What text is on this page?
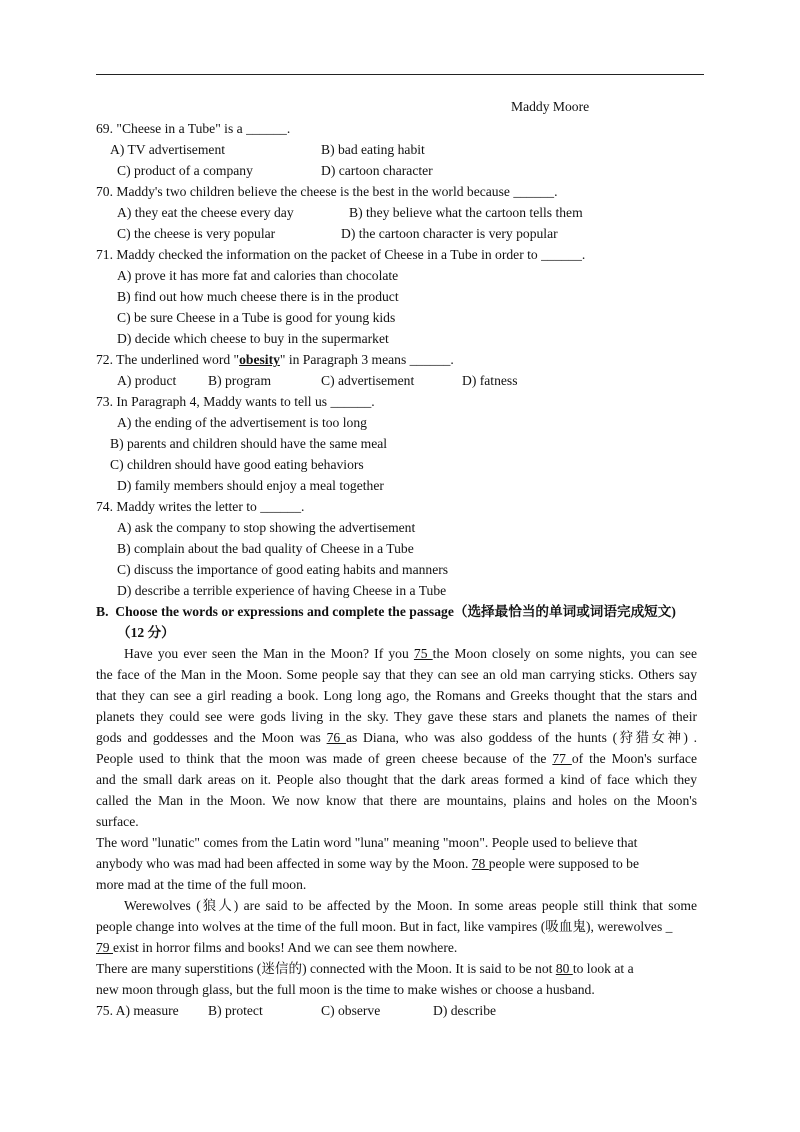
Maddy Moore
69. "Cheese in a Tube" is a ______.
A) TV advertisement	B) bad eating habit
C) product of a company	D) cartoon character
70. Maddy's two children believe the cheese is the best in the world because ______.
A) they eat the cheese every day	B) they believe what the cartoon tells them
C) the cheese is very popular	D) the cartoon character is very popular
71. Maddy checked the information on the packet of Cheese in a Tube in order to ______.
A) prove it has more fat and calories than chocolate
B) find out how much cheese there is in the product
C) be sure Cheese in a Tube is good for young kids
D) decide which cheese to buy in the supermarket
72. The underlined word "obesity" in Paragraph 3 means ______.
A) product B) program	C) advertisement	D) fatness
73. In Paragraph 4, Maddy wants to tell us ______.
A) the ending of the advertisement is too long
B) parents and children should have the same meal
C) children should have good eating behaviors
D) family members should enjoy a meal together
74. Maddy writes the letter to ______.
A) ask the company to stop showing the advertisement
B) complain about the bad quality of Cheese in a Tube
C) discuss the importance of good eating habits and manners
D) describe a terrible experience of having Cheese in a Tube
B. Choose the words or expressions and complete the passage（选择最恰当的单词或词语完成短文)
（12 分）
Have you ever seen the Man in the Moon? If you 75 the Moon closely on some nights, you can see
the face of the Man in the Moon. Some people say that they can see an old man carrying sticks. Others say
that they can see a girl reading a book. Long long ago, the Romans and Greeks thought that the stars and
planets they could see were gods living in the sky. They gave these stars and planets the names of their
gods and goddesses and the Moon was 76 as Diana, who was also goddess of the hunts (狩猎女神) .
People used to think that the moon was made of green cheese because of the 77 of the Moon's surface
and the small dark areas on it. People also thought that the dark areas formed a kind of face which they
called the Man in the Moon. We now know that there are mountains, plains and holes on the Moon's
surface.
The word "lunatic" comes from the Latin word "luna" meaning "moon". People used to believe that
anybody who was mad had been affected in some way by the Moon. 78 people were supposed to be
more mad at the time of the full moon.
Werewolves (狼人) are said to be affected by the Moon. In some areas people still think that some
people change into wolves at the time of the full moon. But in fact, like vampires (吸血鬼), werewolves _
79 exist in horror films and books! And we can see them nowhere.
There are many superstitions (迷信的) connected with the Moon. It is said to be not 80 to look at a
new moon through glass, but the full moon is the time to make wishes or choose a husband.
75. A) measure B) protect	C) observe	D) describe
